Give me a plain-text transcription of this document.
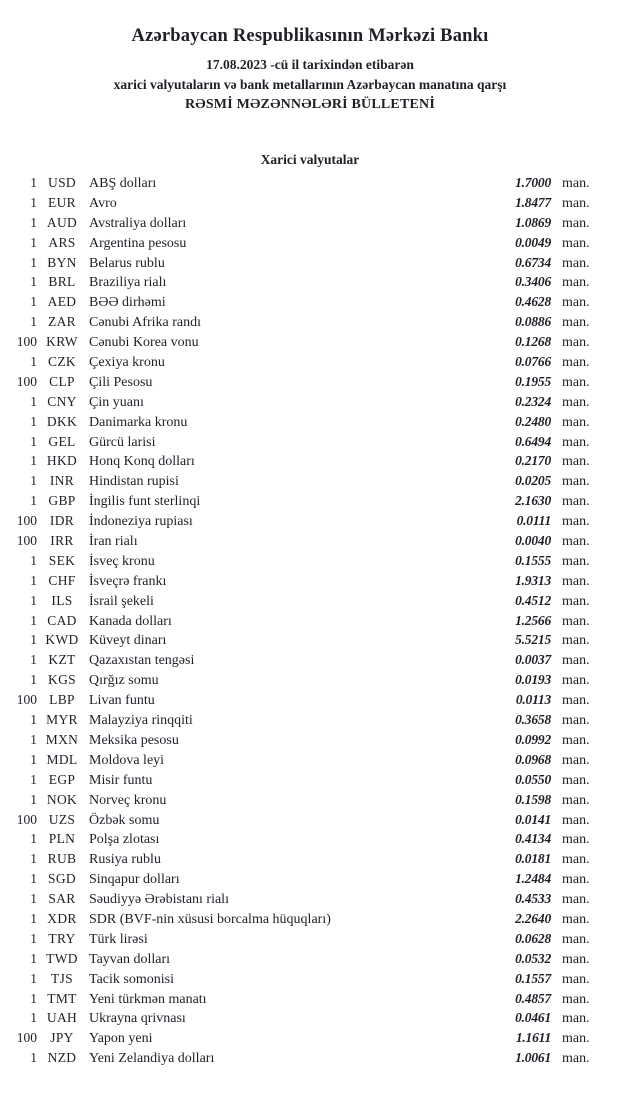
Azərbaycan Respublikasının Mərkəzi Bankı
17.08.2023 -cü il tarixindən etibarən
xarici valyutaların və bank metallarının Azərbaycan manatına qarşı
RƏSMİ MƏZƏNNƏLƏRİ BÜLLETENİ
Xarici valyutalar
1 USD ABŞ dolları	1.7000 man.
1 EUR Avro	1.8477 man.
1 AUD Avstraliya dolları	1.0869 man.
1 ARS Argentina pesosu	0.0049 man.
1 BYN Belarus rublu	0.6734 man.
1 BRL Braziliya rialı	0.3406 man.
1 AED BƏƏ dirhəmi	0.4628 man.
1 ZAR Cənubi Afrika randı	0.0886 man.
100 KRW Cənubi Korea vonu	0.1268 man.
1 CZK Çexiya kronu	0.0766 man.
100 CLP	Çili Pesosu	0.1955 man.
1 CNY Çin yuanı	0.2324 man.
1 DKK Danimarka kronu	0.2480 man.
1 GEL Gürcü larisi	0.6494 man.
1 HKD Honq Konq dolları	0.2170 man.
1 INR	Hindistan rupisi	0.0205 man.
1 GBP İngilis funt sterlinqi	2.1630 man.
100 IDR	İndoneziya rupiası	0.0111 man.
100 IRR	İran rialı	0.0040 man.
1 SEK İsveç kronu	0.1555 man.
1 CHF İsveçrə frankı	1.9313 man.
1	ILS	İsrail şekeli	0.4512 man.
1 CAD Kanada dolları	1.2566 man.
1 KWD Küveyt dinarı	5.5215 man.
1 KZT Qazaxıstan tengəsi	0.0037 man.
1 KGS Qırğız somu	0.0193 man.
100 LBP	Livan funtu	0.0113 man.
1 MYR Malayziya rinqqiti	0.3658 man.
1 MXN Meksika pesosu	0.0992 man.
1 MDL Moldova leyi	0.0968 man.
1 EGP Misir funtu	0.0550 man.
1 NOK Norveç kronu	0.1598 man.
100 UZS Özbək somu	0.0141 man.
1 PLN Polşa zlotası	0.4134 man.
1 RUB Rusiya rublu	0.0181 man.
1 SGD Sinqapur dolları	1.2484 man.
1 SAR Səudiyyə Ərəbistanı rialı	0.4533 man.
1 XDR SDR (BVF-nin xüsusi borcalma hüquqları)	2.2640 man.
1 TRY Türk lirəsi	0.0628 man.
1 TWD Tayvan dolları	0.0532 man.
1	TJS	Tacik somonisi	0.1557 man.
1 TMT Yeni türkmən manatı	0.4857 man.
1 UAH Ukrayna qrivnası	0.0461 man.
100 JPY	Yapon yeni	1.1611 man.
1 NZD Yeni Zelandiya dolları	1.0061 man.
